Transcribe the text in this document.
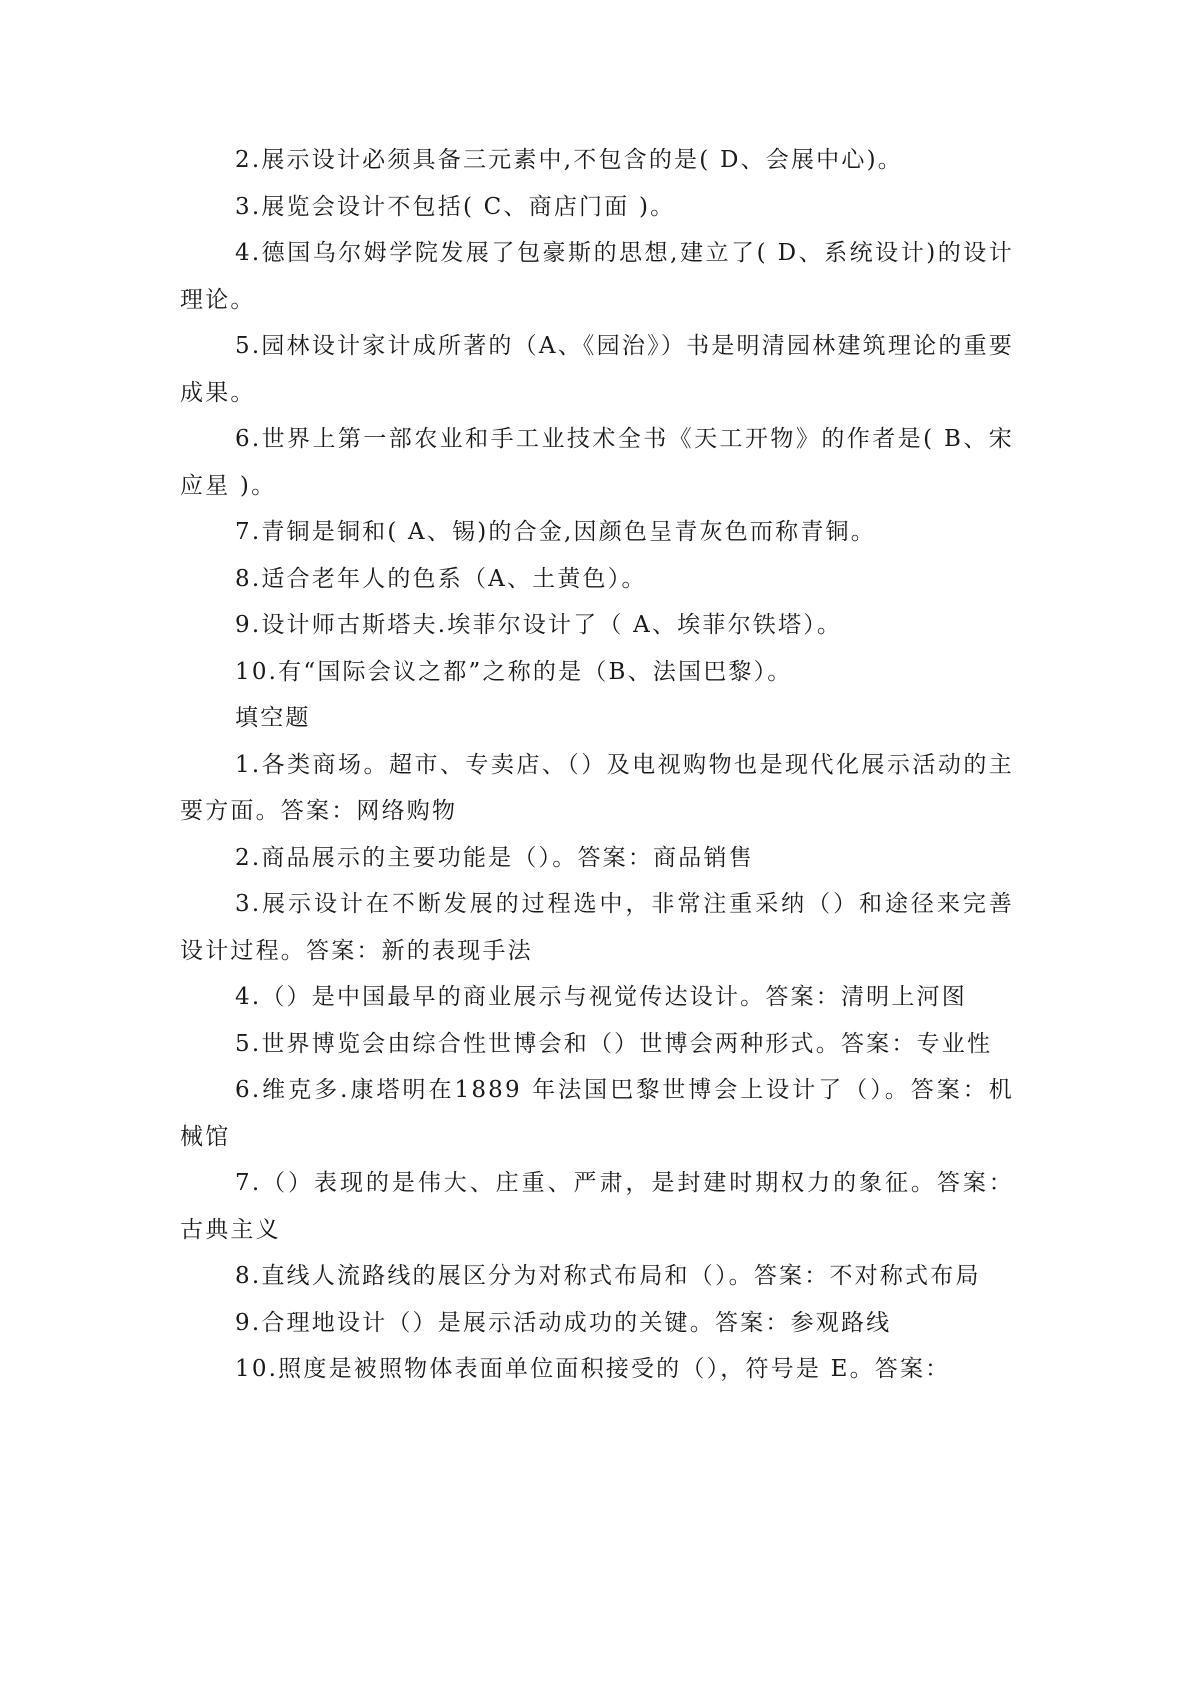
2.展示设计必须具备三元素中,不包含的是( D、会展中心)。

3.展览会设计不包括( C、商店门面 )。

4.德国乌尔姆学院发展了包豪斯的思想,建立了( D、系统设计)的设计理论。

5.园林设计家计成所著的（A、《园治》）书是明清园林建筑理论的重要成果。

6.世界上第一部农业和手工业技术全书《天工开物》的作者是( B、宋应星 )。

7.青铜是铜和( A、锡)的合金,因颜色呈青灰色而称青铜。

8.适合老年人的色系（A、土黄色）。

9.设计师古斯塔夫.埃菲尔设计了（ A、埃菲尔铁塔）。

10.有“国际会议之都”之称的是（B、法国巴黎）。

填空题

1.各类商场。超市、专卖店、（）及电视购物也是现代化展示活动的主要方面。答案：网络购物

2.商品展示的主要功能是（）。答案：商品销售

3.展示设计在不断发展的过程选中，非常注重采纳（）和途径来完善设计过程。答案：新的表现手法

4.（）是中国最早的商业展示与视觉传达设计。答案：清明上河图

5.世界博览会由综合性世博会和（）世博会两种形式。答案：专业性

6.维克多.康塔明在1889 年法国巴黎世博会上设计了（）。答案：机械馆

7.（）表现的是伟大、庄重、严肃，是封建时期权力的象征。答案：古典主义

8.直线人流路线的展区分为对称式布局和（）。答案：不对称式布局

9.合理地设计（）是展示活动成功的关键。答案：参观路线

10.照度是被照物体表面单位面积接受的（），符号是 E。答案：
